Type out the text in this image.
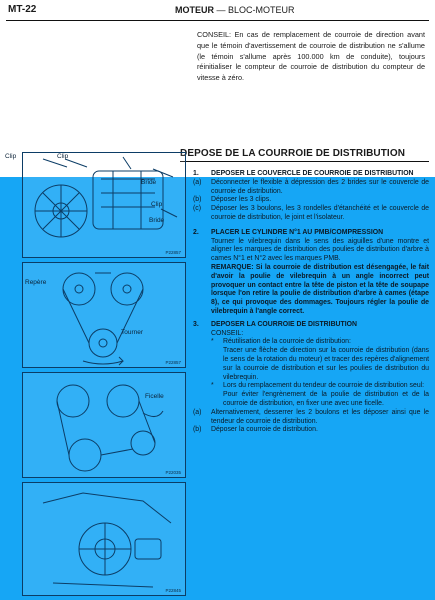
MT-22	MOTEUR — BLOC-MOTEUR
CONSEIL: En cas de remplacement de courroie de direction avant que le témoin d'avertissement de courroie de distribution ne s'allume (le témoin s'allume après 100.000 km de conduite), toujours réinitialiser le compteur de courroie de distribution du compteur de vitesse à zéro.
DEPOSE DE LA COURROIE DE DISTRIBUTION
Clip	Clip
Bride
Clip
Bride
P22857
Repère
Tourner
P22857
Ficelle
P22035
P22845
1. DEPOSER LE COUVERCLE DE COURROIE DE DISTRIBUTION
(a) Déconnecter le flexible à dépression des 2 brides sur le couvercle de courroie de distribution.
(b) Déposer les 3 clips.
(c) Déposer les 3 boulons, les 3 rondelles d'étanchéité et le couvercle de courroie de distribution, le joint et l'isolateur.
2. PLACER LE CYLINDRE N°1 AU PMB/COMPRESSION
Tourner le vilebrequin dans le sens des aiguilles d'une montre et aligner les marques de distribution des poulies de distribution d'arbre à cames N°1 et N°2 avec les marques PMB.
REMARQUE: Si la courroie de distribution est désengagée, le fait d'avoir la poulie de vilebrequin à un angle incorrect peut provoquer un contact entre la tête de piston et la tête de soupape lorsque l'on retire la poulie de distribution d'arbre à cames (étape 8), ce qui provoque des dommages. Toujours régler la poulie de vilebrequin à l'angle correct.
3. DEPOSER LA COURROIE DE DISTRIBUTION
CONSEIL:
* Réutilisation de la courroie de distribution:
Tracer une flèche de direction sur la courroie de distribution (dans le sens de la rotation du moteur) et tracer des repères d'alignement sur la courroie de distribution et sur les poulies de distribution du vilebrequin.
* Lors du remplacement du tendeur de courroie de distribution seul:
Pour éviter l'engrènement de la poulie de distribution et de la courroie de distribution, en fixer une avec une ficelle.
(a) Alternativement, desserrer les 2 boulons et les déposer ainsi que le tendeur de courroie de distribution.
(b) Déposer la courroie de distribution.
